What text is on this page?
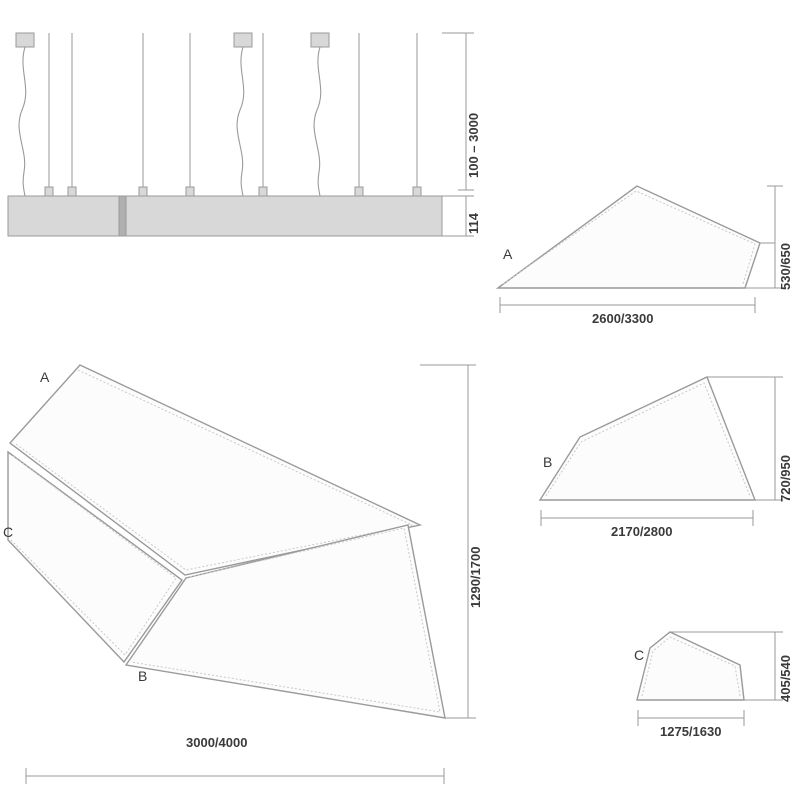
100 – 3000
114
A
B
C
1290/1700
3000/4000
A	530/650
2600/3300
B	720/950
2170/2800
C	405/540
1275/1630
